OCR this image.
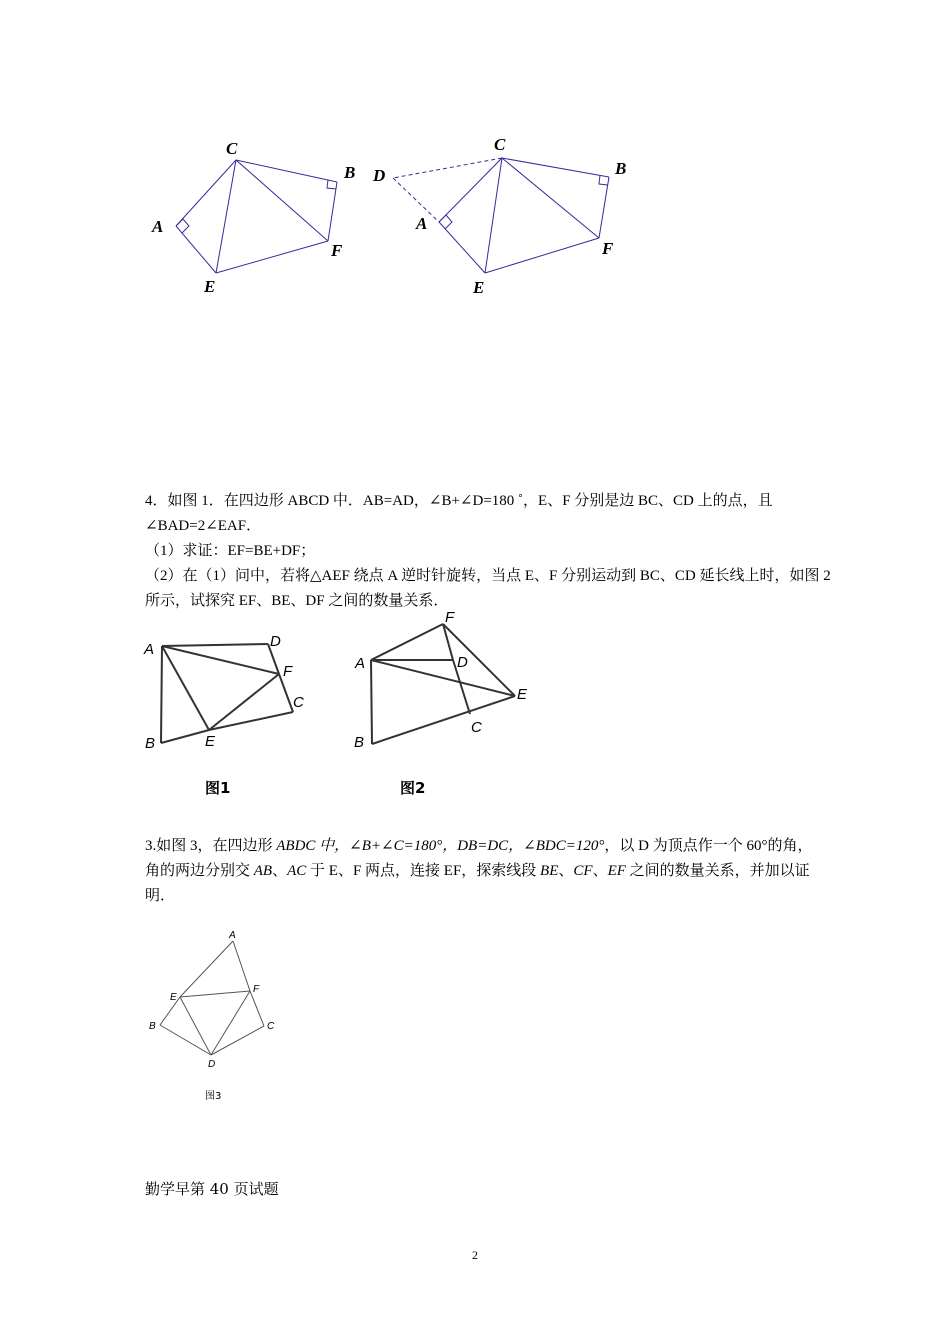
C
B
A
F
E
C
D	B
A
F
E
4．如图 1．在四边形 ABCD 中．AB=AD，∠B+∠D=180 ˚，E、F 分别是边 BC、CD 上的点，且
∠BAD=2∠EAF．
（1）求证：EF=BE+DF；
（2）在（1）问中，若将△AEF 绕点 A 逆时针旋转，当点 E、F 分别运动到 BC、CD 延长线上时，如图 2
所示，试探究 EF、BE、DF 之间的数量关系．
A	D
F
C
B	E
图1
F
A	D
E
C
B
图2
3.如图 3，在四边形 ABDC 中，∠B+∠C=180°，DB=DC，∠BDC=120°，以 D 为顶点作一个 60°的角，
角的两边分别交 AB、AC 于 E、F 两点，连接 EF，探索线段 BE、CF、EF 之间的数量关系，并加以证
明．
A
E
F
B	C
D
图3
勤学早第 40 页试题
2
